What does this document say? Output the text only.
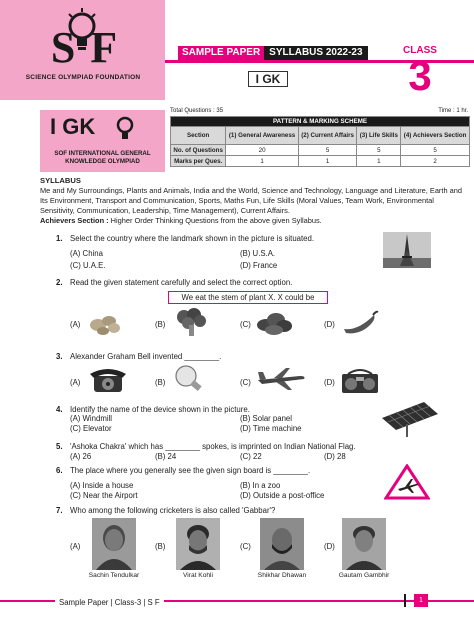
S F
SCIENCE OLYMPIAD FOUNDATION
SAMPLE PAPER SYLLABUS 2022-23
I GK
CLASS
3
I GK
SOF INTERNATIONAL GENERAL
KNOWLEDGE OLYMPIAD
Total Questions : 35	Time : 1 hr.
PATTERN & MARKING SCHEME				
Section	(1) General Awareness	(2) Current Affairs	(3) Life Skills	(4) Achievers Section
No. of Questions	20	5	5	5
Marks per Ques.	1	1	1	2
SYLLABUS
Me and My Surroundings, Plants and Animals, India and the World, Science and Technology, Language and Literature, Earth and Its Environment, Transport and Communication, Sports, Maths Fun, Life Skills (Moral Values, Team Work, Environmental Sensitivity, Communication, Leadership, Time Management), Current Affairs.
Achievers Section : Higher Order Thinking Questions from the above given Syllabus.
1. Select the country where the landmark shown in the picture is situated.
(A) China	(B) U.S.A.
(C) U.A.E.	(D) France
2. Read the given statement carefully and select the correct option.
We eat the stem of plant X. X could be
(A)	(B)	(C)	(D)
3. Alexander Graham Bell invented ________.
(A)	(B)	(C)	(D)
4. Identify the name of the device shown in the picture.
(A) Windmill	(B) Solar panel
(C) Elevator	(D) Time machine
5. 'Ashoka Chakra' which has ________ spokes, is imprinted on Indian National Flag.
(A) 26	(B) 24	(C) 22	(D) 28
6. The place where you generally see the given sign board is ________.
(A) Inside a house	(B) In a zoo
(C) Near the Airport	(D) Outside a post-office
7. Who among the following cricketers is also called 'Gabbar'?
(A)
Sachin Tendulkar
(B)
Virat Kohli
(C)
Shikhar Dhawan
(D)
Gautam Gambhir
Sample Paper | Class-3 | S F	1
